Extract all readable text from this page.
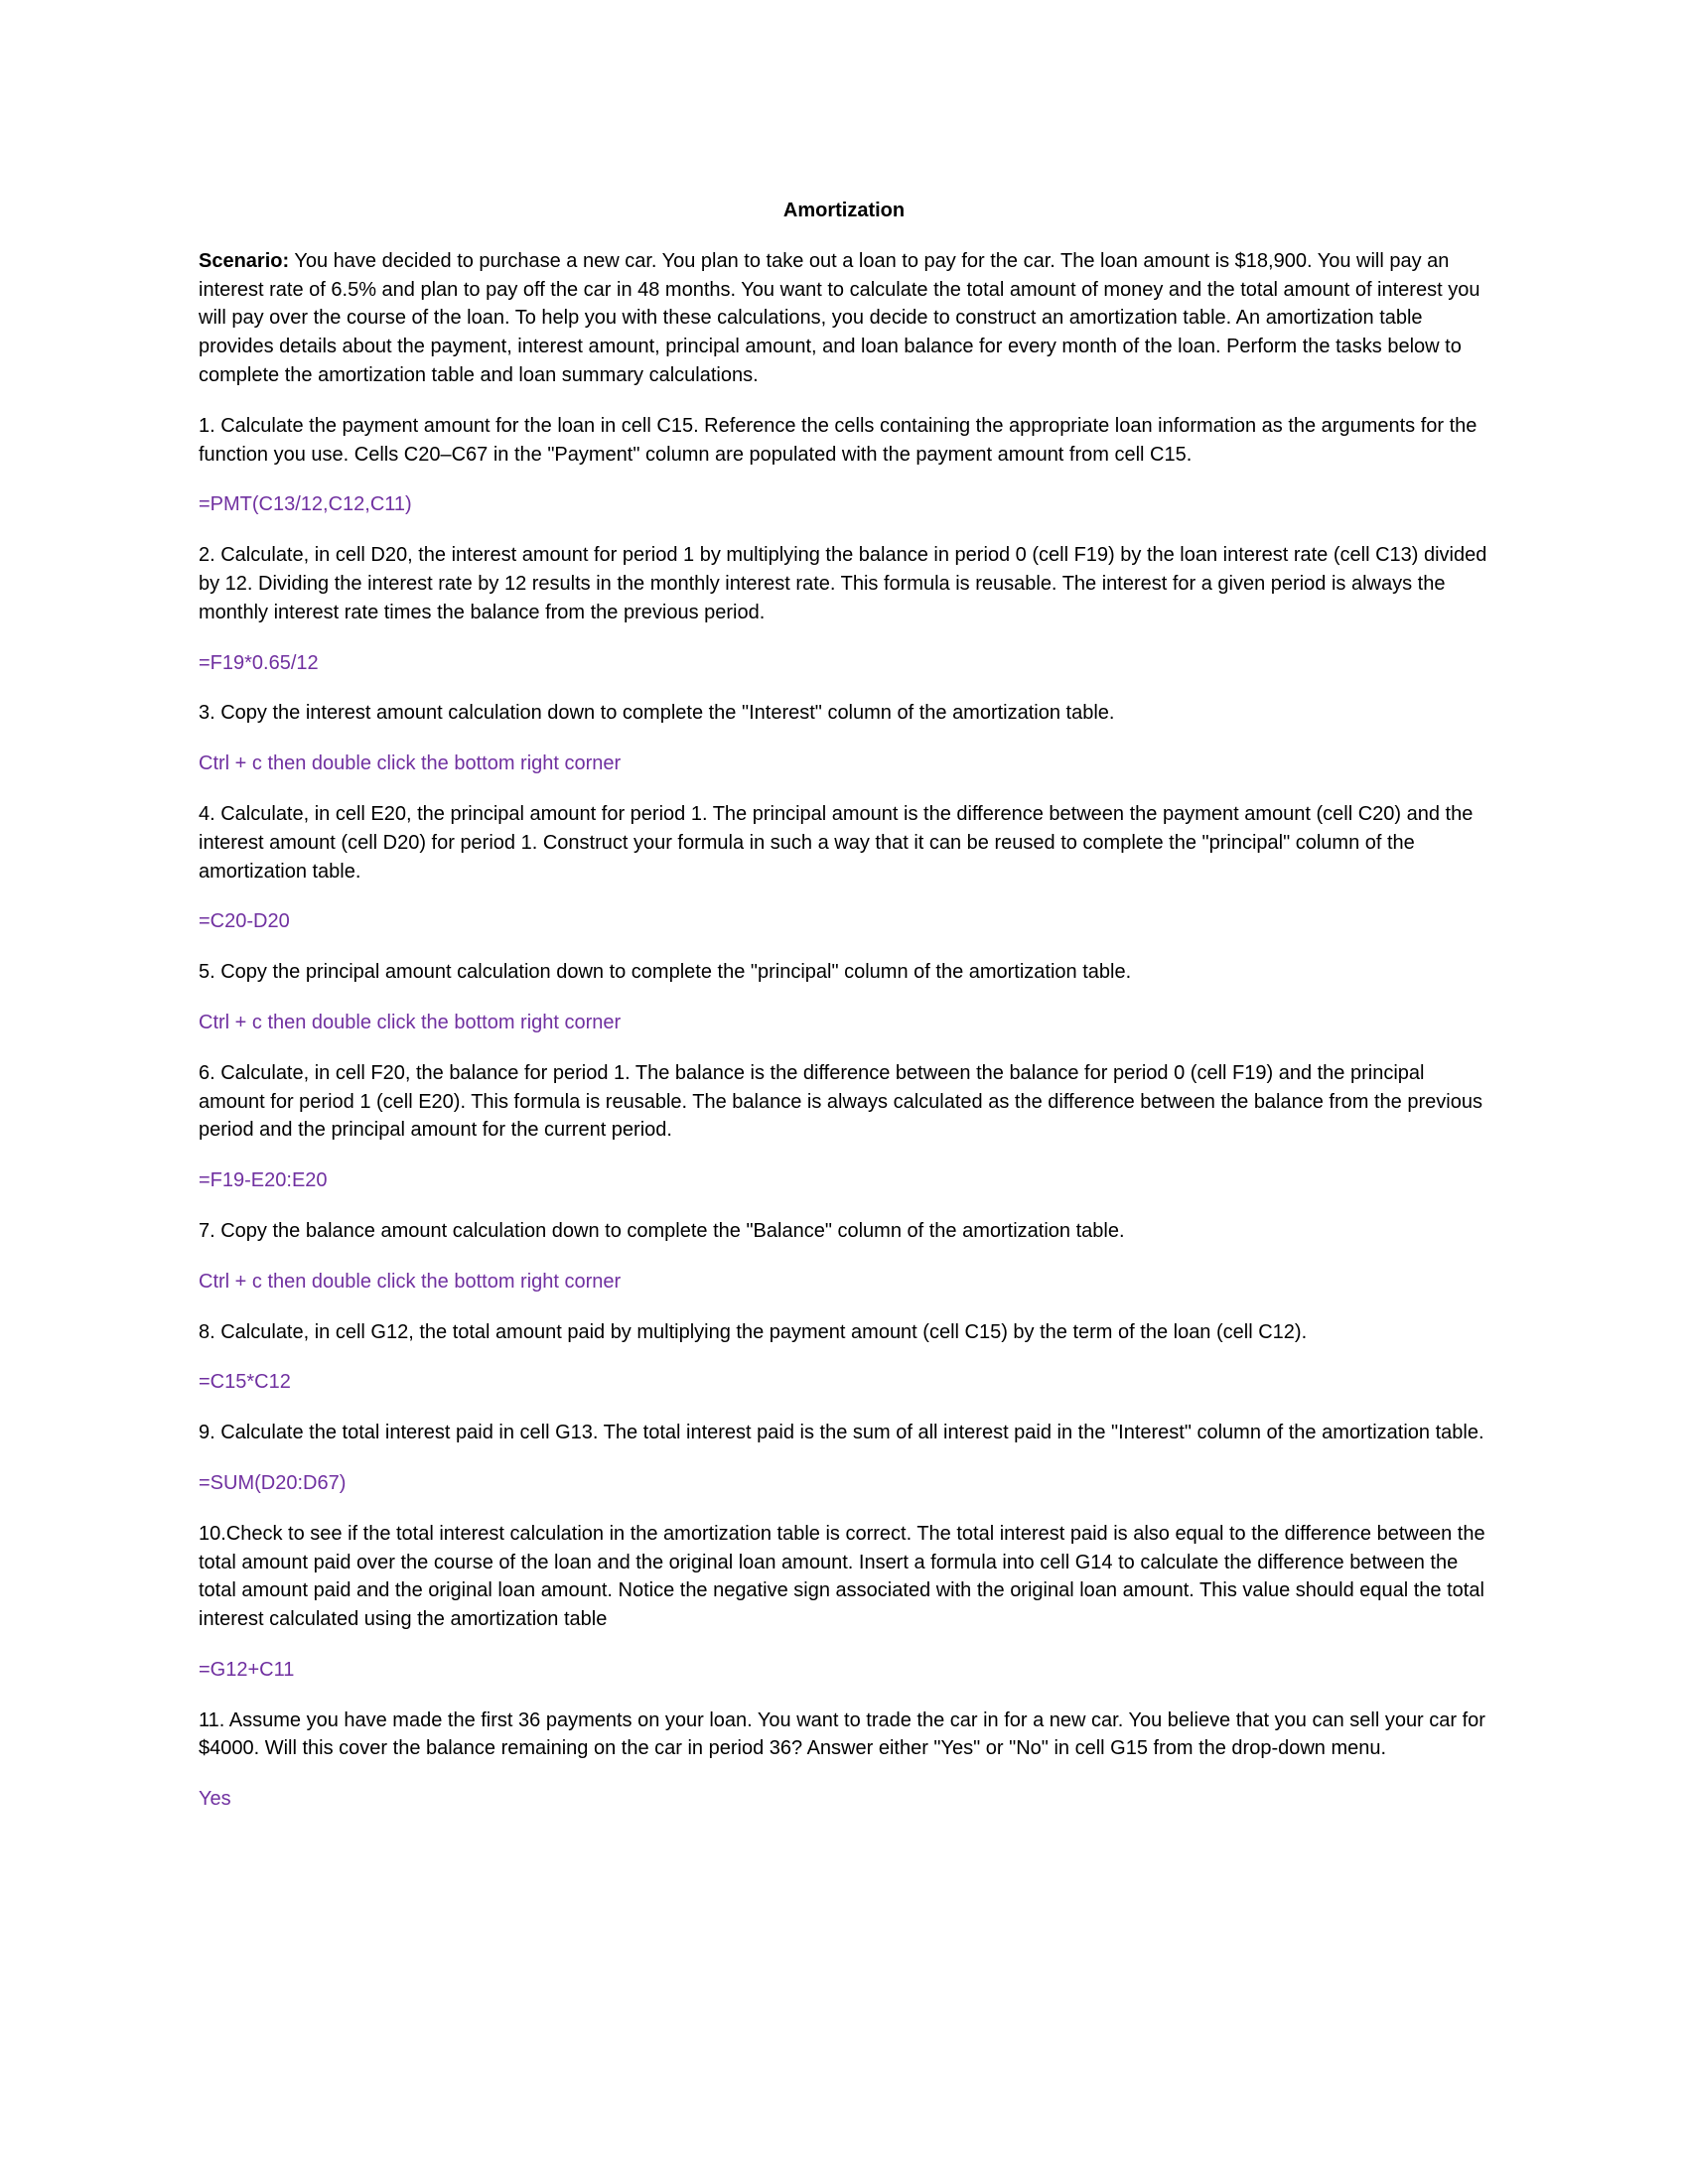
Amortization

Scenario: You have decided to purchase a new car. You plan to take out a loan to pay for the car. The loan amount is $18,900. You will pay an interest rate of 6.5% and plan to pay off the car in 48 months. You want to calculate the total amount of money and the total amount of interest you will pay over the course of the loan. To help you with these calculations, you decide to construct an amortization table. An amortization table provides details about the payment, interest amount, principal amount, and loan balance for every month of the loan. Perform the tasks below to complete the amortization table and loan summary calculations.

1. Calculate the payment amount for the loan in cell C15. Reference the cells containing the appropriate loan information as the arguments for the function you use. Cells C20–C67 in the "Payment" column are populated with the payment amount from cell C15.

=PMT(C13/12,C12,C11)

2. Calculate, in cell D20, the interest amount for period 1 by multiplying the balance in period 0 (cell F19) by the loan interest rate (cell C13) divided by 12. Dividing the interest rate by 12 results in the monthly interest rate. This formula is reusable. The interest for a given period is always the monthly interest rate times the balance from the previous period.

=F19*0.65/12

3. Copy the interest amount calculation down to complete the "Interest" column of the amortization table.

Ctrl + c then double click the bottom right corner

4. Calculate, in cell E20, the principal amount for period 1. The principal amount is the difference between the payment amount (cell C20) and the interest amount (cell D20) for period 1. Construct your formula in such a way that it can be reused to complete the "principal" column of the amortization table.

=C20-D20

5. Copy the principal amount calculation down to complete the "principal" column of the amortization table.

Ctrl + c then double click the bottom right corner

6. Calculate, in cell F20, the balance for period 1. The balance is the difference between the balance for period 0 (cell F19) and the principal amount for period 1 (cell E20). This formula is reusable. The balance is always calculated as the difference between the balance from the previous period and the principal amount for the current period.

=F19-E20:E20

7. Copy the balance amount calculation down to complete the "Balance" column of the amortization table.

Ctrl + c then double click the bottom right corner

8. Calculate, in cell G12, the total amount paid by multiplying the payment amount (cell C15) by the term of the loan (cell C12).

=C15*C12

9. Calculate the total interest paid in cell G13. The total interest paid is the sum of all interest paid in the "Interest" column of the amortization table.

=SUM(D20:D67)

10.Check to see if the total interest calculation in the amortization table is correct. The total interest paid is also equal to the difference between the total amount paid over the course of the loan and the original loan amount. Insert a formula into cell G14 to calculate the difference between the total amount paid and the original loan amount. Notice the negative sign associated with the original loan amount. This value should equal the total interest calculated using the amortization table

=G12+C11

11. Assume you have made the first 36 payments on your loan. You want to trade the car in for a new car. You believe that you can sell your car for $4000. Will this cover the balance remaining on the car in period 36? Answer either "Yes" or "No" in cell G15 from the drop-down menu.

Yes
